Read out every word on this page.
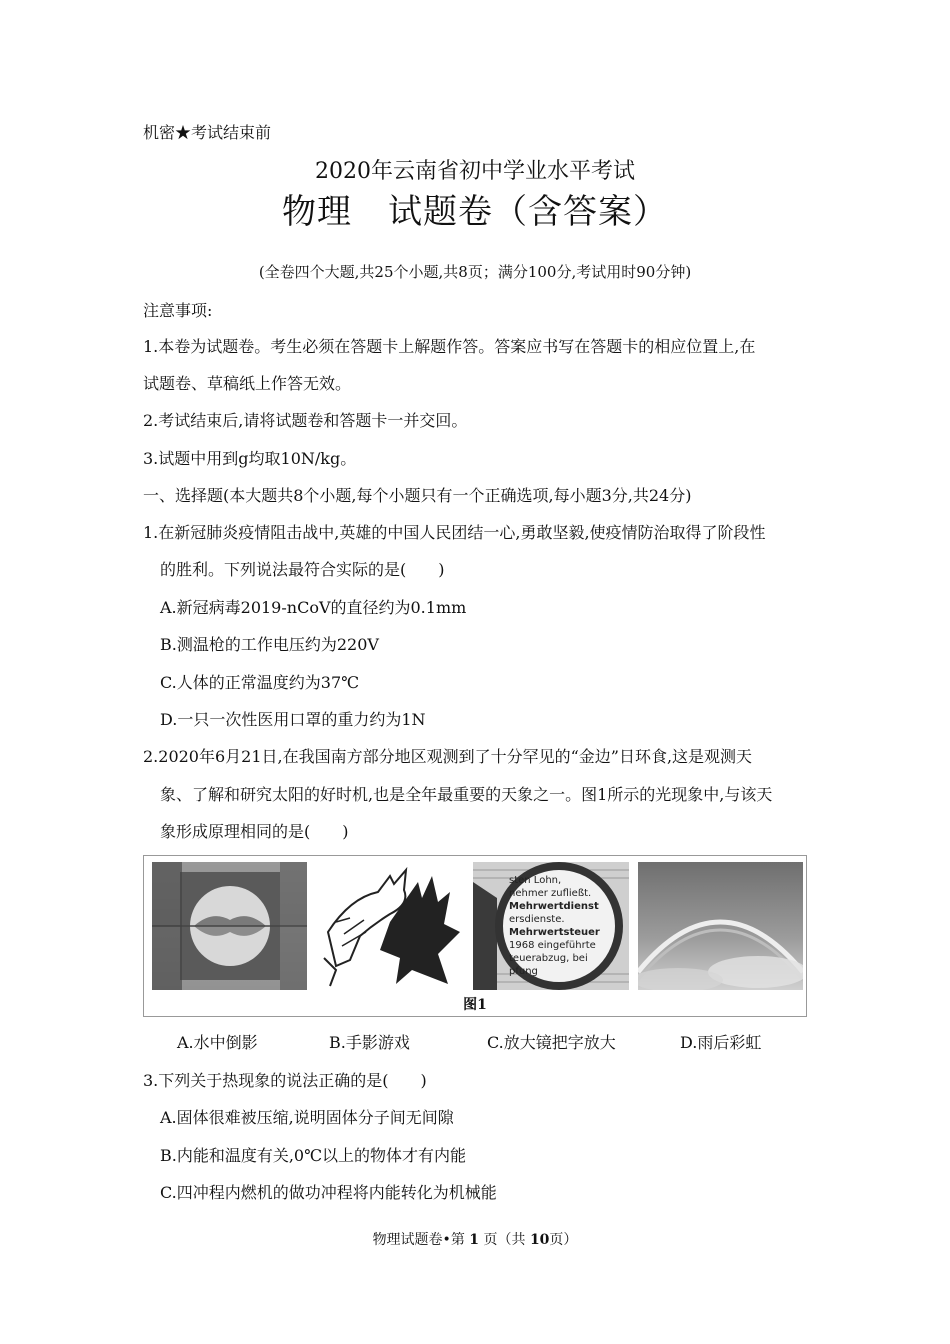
机密★考试结束前
2020年云南省初中学业水平考试
物理 试题卷（含答案）
(全卷四个大题,共25个小题,共8页；满分100分,考试用时90分钟)
注意事项:
1.本卷为试题卷。考生必须在答题卡上解题作答。答案应书写在答题卡的相应位置上,在
试题卷、草稿纸上作答无效。
2.考试结束后,请将试题卷和答题卡一并交回。
3.试题中用到g均取10N/kg。
一、选择题(本大题共8个小题,每个小题只有一个正确选项,每小题3分,共24分)
1.在新冠肺炎疫情阻击战中,英雄的中国人民团结一心,勇敢坚毅,使疫情防治取得了阶段性
的胜利。下列说法最符合实际的是(　　)
A.新冠病毒2019-nCoV的直径约为0.1mm
B.测温枪的工作电压约为220V
C.人体的正常温度约为37℃
D.一只一次性医用口罩的重力约为1N
2.2020年6月21日,在我国南方部分地区观测到了十分罕见的“金边”日环食,这是观测天
象、了解和研究太阳的好时机,也是全年最重要的天象之一。图1所示的光现象中,与该天
象形成原理相同的是(　　)
sten Lohn,
nehmer zufließt.
Mehrwertdienst
ersdienste.
Mehrwertsteuer
1968 eingeführte
teuerabzug, bei
pfung
图1
A.水中倒影	B.手影游戏	C.放大镜把字放大	D.雨后彩虹
3.下列关于热现象的说法正确的是(　　)
A.固体很难被压缩,说明固体分子间无间隙
B.内能和温度有关,0℃以上的物体才有内能
C.四冲程内燃机的做功冲程将内能转化为机械能
物理试题卷•第 1 页（共 10页）
